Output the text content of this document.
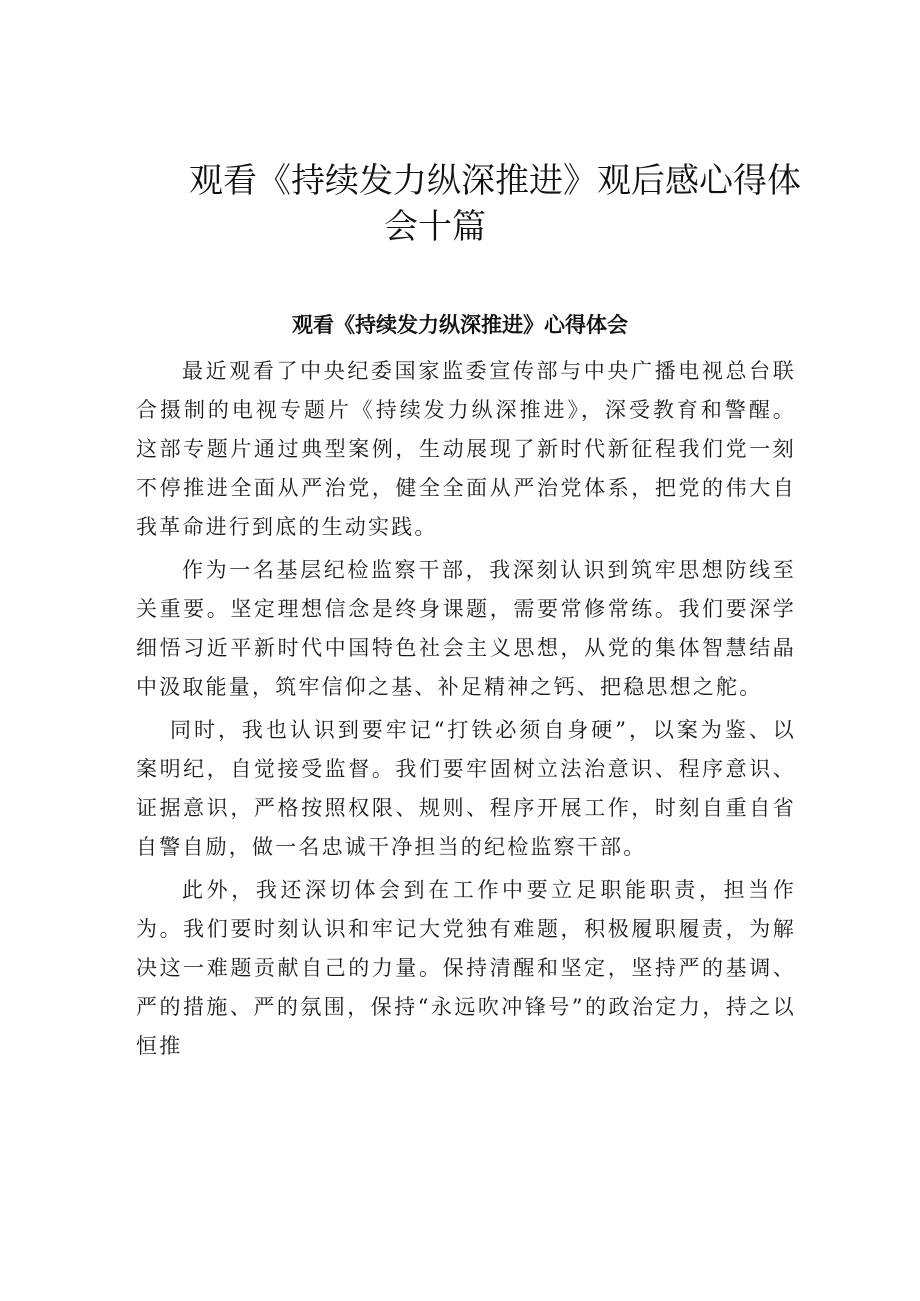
观看《持续发力纵深推进》观后感心得体
会十篇
观看《持续发力纵深推进》心得体会

最近观看了中央纪委国家监委宣传部与中央广播电视总台联合摄制的电视专题片《持续发力纵深推进》，深受教育和警醒。这部专题片通过典型案例，生动展现了新时代新征程我们党一刻不停推进全面从严治党，健全全面从严治党体系，把党的伟大自我革命进行到底的生动实践。

作为一名基层纪检监察干部，我深刻认识到筑牢思想防线至关重要。坚定理想信念是终身课题，需要常修常练。我们要深学细悟习近平新时代中国特色社会主义思想，从党的集体智慧结晶中汲取能量，筑牢信仰之基、补足精神之钙、把稳思想之舵。

同时，我也认识到要牢记“打铁必须自身硬”，以案为鉴、以案明纪，自觉接受监督。我们要牢固树立法治意识、程序意识、证据意识，严格按照权限、规则、程序开展工作，时刻自重自省自警自励，做一名忠诚干净担当的纪检监察干部。

此外，我还深切体会到在工作中要立足职能职责，担当作为。我们要时刻认识和牢记大党独有难题，积极履职履责，为解决这一难题贡献自己的力量。保持清醒和坚定，坚持严的基调、严的措施、严的氛围，保持“永远吹冲锋号”的政治定力，持之以恒推
